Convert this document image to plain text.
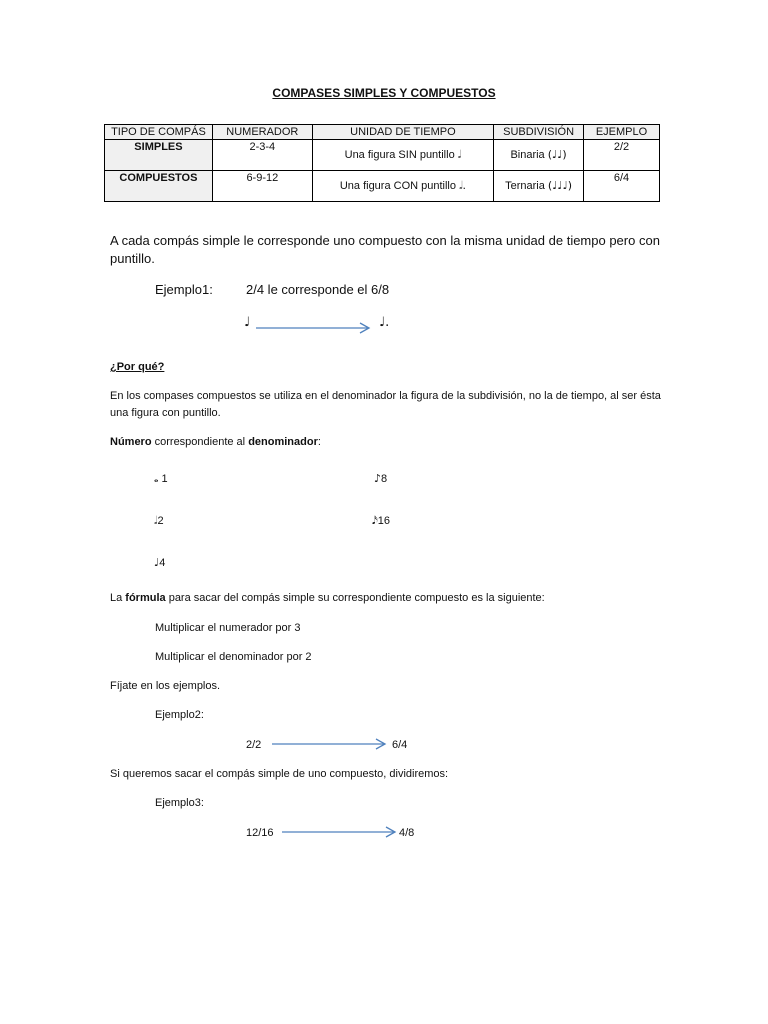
COMPASES SIMPLES Y COMPUESTOS
TIPO DE COMPÁS	NUMERADOR	UNIDAD DE TIEMPO	SUBDIVISIÓN	EJEMPLO
SIMPLES	2-3-4	Una figura SIN puntillo 𝅗𝅥	Binaria (♩♩)	2/2
COMPUESTOS	6-9-12	Una figura CON puntillo 𝅗𝅥.	Ternaria (♩♩♩)	6/4
A cada compás simple le corresponde uno compuesto con la misma unidad de tiempo pero con puntillo.
Ejemplo1:	2/4 le corresponde el 6/8
♩	♩.
¿Por qué?
En los compases compuestos se utiliza en el denominador la figura de la subdivisión, no la de tiempo, al ser ésta una figura con puntillo.
Número correspondiente al denominador:
𝅝 1	♪8
𝅗𝅥2	𝅘𝅥𝅯16
♩4
La fórmula para sacar del compás simple su correspondiente compuesto es la siguiente:
Multiplicar el numerador por 3
Multiplicar el denominador por 2
Fíjate en los ejemplos.
Ejemplo2:
2/2	6/4
Si queremos sacar el compás simple de uno compuesto, dividiremos:
Ejemplo3:
12/16	4/8
